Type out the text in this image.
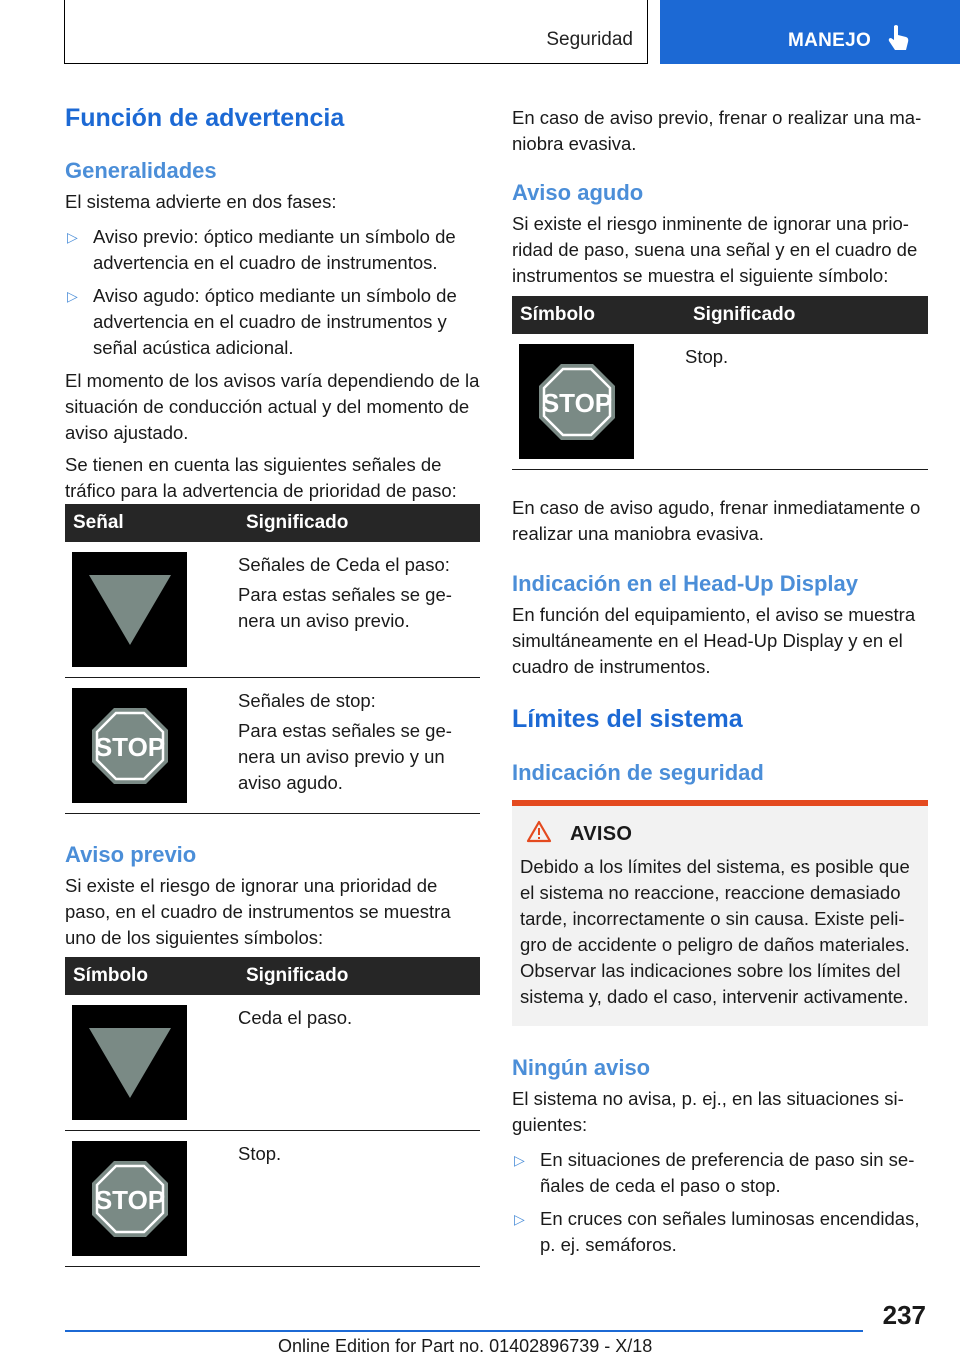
Seguridad	MANEJO
Función de advertencia
Generalidades

El sistema advierte en dos fases:

▷ Aviso previo: óptico mediante un símbolo de advertencia en el cuadro de instrumentos.
▷ Aviso agudo: óptico mediante un símbolo de advertencia en el cuadro de instrumentos y señal acústica adicional.

El momento de los avisos varía dependiendo de la situación de conducción actual y del momento de aviso ajustado.

Se tienen en cuenta las siguientes señales de tráfico para la advertencia de prioridad de paso:

Señal	Significado

Señales de Ceda el paso:

Para estas señales se genera un aviso previo.

STOP	Señales de stop:

Para estas señales se genera un aviso previo y un aviso agudo.

Aviso previo

Si existe el riesgo de ignorar una prioridad de paso, en el cuadro de instrumentos se muestra uno de los siguientes símbolos:

Símbolo	Significado

Ceda el paso.

STOP	Stop.

En caso de aviso previo, frenar o realizar una maniobra evasiva.

Aviso agudo

Si existe el riesgo inminente de ignorar una prioridad de paso, suena una señal y en el cuadro de instrumentos se muestra el siguiente símbolo:

Símbolo	Significado

STOP	Stop.

En caso de aviso agudo, frenar inmediatamente o realizar una maniobra evasiva.

Indicación en el Head-Up Display

En función del equipamiento, el aviso se muestra simultáneamente en el Head-Up Display y en el cuadro de instrumentos.

Límites del sistema
Indicación de seguridad
AVISO

Debido a los límites del sistema, es posible que el sistema no reaccione, reaccione demasiado tarde, incorrectamente o sin causa. Existe peligro de accidente o peligro de daños materiales. Observar las indicaciones sobre los límites del sistema y, dado el caso, intervenir activamente.

Ningún aviso

El sistema no avisa, p. ej., en las situaciones siguientes:

▷ En situaciones de preferencia de paso sin señales de ceda el paso o stop.
▷ En cruces con señales luminosas encendidas, p. ej. semáforos.
237
Online Edition for Part no. 01402896739 - X/18
